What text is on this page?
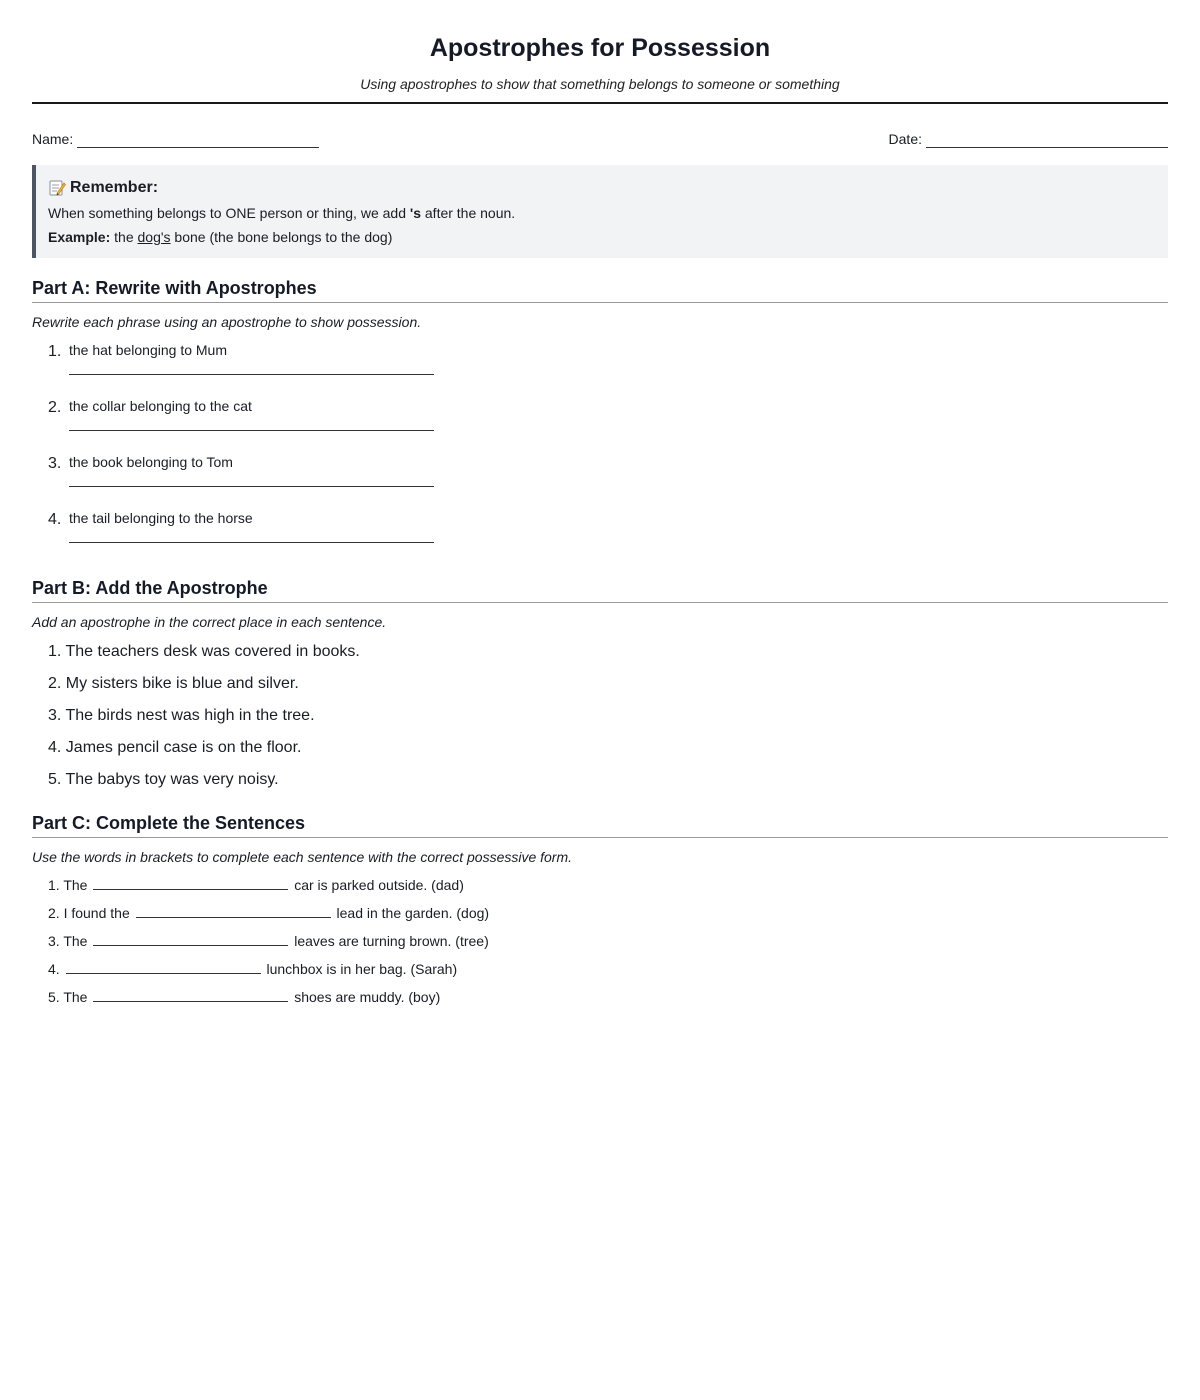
Apostrophes for Possession
Using apostrophes to show that something belongs to someone or something
Name:	Date:
Remember:

When something belongs to ONE person or thing, we add 's after the noun.

Example: the dog's bone (the bone belongs to the dog)

Part A: Rewrite with Apostrophes
Rewrite each phrase using an apostrophe to show possession.
1. the hat belonging to Mum
2. the collar belonging to the cat
3. the book belonging to Tom
4. the tail belonging to the horse
Part B: Add the Apostrophe
Add an apostrophe in the correct place in each sentence.
1. The teachers desk was covered in books.
2. My sisters bike is blue and silver.
3. The birds nest was high in the tree.
4. James pencil case is on the floor.
5. The babys toy was very noisy.
Part C: Complete the Sentences
Use the words in brackets to complete each sentence with the correct possessive form.
1. The	car is parked outside. (dad)
2. I found the	lead in the garden. (dog)
3. The	leaves are turning brown. (tree)
4.	lunchbox is in her bag. (Sarah)
5. The	shoes are muddy. (boy)
